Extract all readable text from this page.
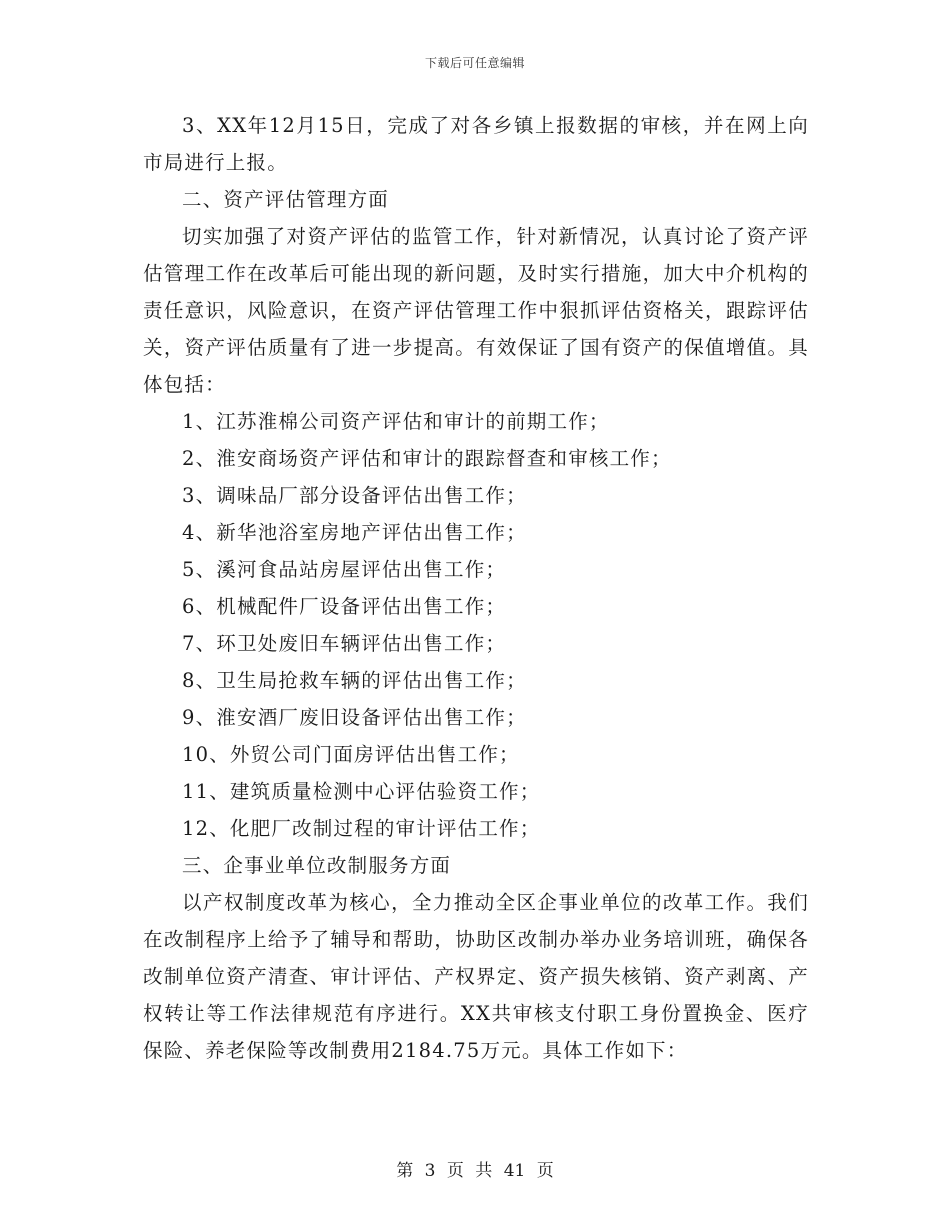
下载后可任意编辑

3、XX年12月15日，完成了对各乡镇上报数据的审核，并在网上向市局进行上报。

二、资产评估管理方面

切实加强了对资产评估的监管工作，针对新情况，认真讨论了资产评估管理工作在改革后可能出现的新问题，及时实行措施，加大中介机构的责任意识，风险意识，在资产评估管理工作中狠抓评估资格关，跟踪评估关，资产评估质量有了进一步提高。有效保证了国有资产的保值增值。具体包括：

1、江苏淮棉公司资产评估和审计的前期工作；

2、淮安商场资产评估和审计的跟踪督查和审核工作；

3、调味品厂部分设备评估出售工作；

4、新华池浴室房地产评估出售工作；

5、溪河食品站房屋评估出售工作；

6、机械配件厂设备评估出售工作；

7、环卫处废旧车辆评估出售工作；

8、卫生局抢救车辆的评估出售工作；

9、淮安酒厂废旧设备评估出售工作；

10、外贸公司门面房评估出售工作；

11、建筑质量检测中心评估验资工作；

12、化肥厂改制过程的审计评估工作；

三、企事业单位改制服务方面

以产权制度改革为核心，全力推动全区企事业单位的改革工作。我们在改制程序上给予了辅导和帮助，协助区改制办举办业务培训班，确保各改制单位资产清查、审计评估、产权界定、资产损失核销、资产剥离、产权转让等工作法律规范有序进行。XX共审核支付职工身份置换金、医疗保险、养老保险等改制费用2184.75万元。具体工作如下：

第 3 页 共 41 页
